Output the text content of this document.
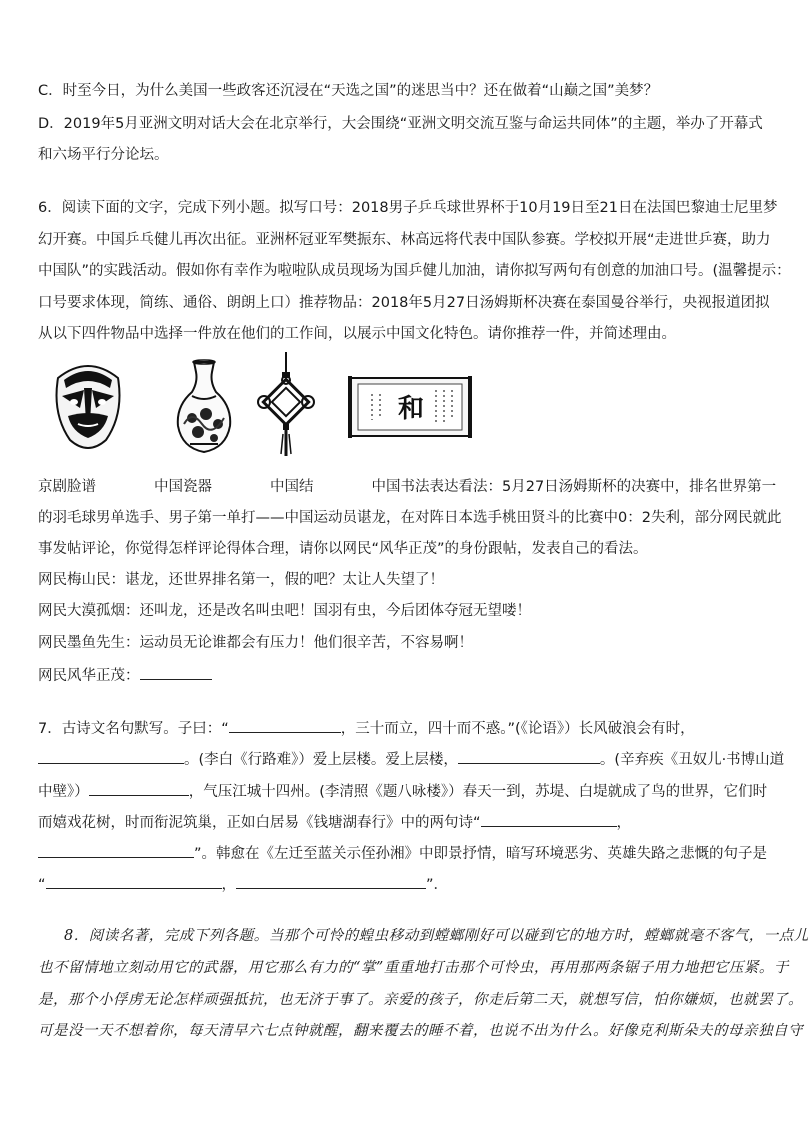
C．时至今日，为什么美国一些政客还沉浸在“天选之国”的迷思当中？还在做着“山巅之国”美梦？
D．2019年5月亚洲文明对话大会在北京举行，大会围绕“亚洲文明交流互鉴与命运共同体”的主题，举办了开幕式
和六场平行分论坛。
6．阅读下面的文字，完成下列小题。拟写口号：2018男子乒乓球世界杯于10月19日至21日在法国巴黎迪士尼里梦
幻开赛。中国乒乓健儿再次出征。亚洲杯冠亚军樊振东、林高远将代表中国队参赛。学校拟开展“走进世乒赛，助力
中国队”的实践活动。假如你有幸作为啦啦队成员现场为国乒健儿加油，请你拟写两句有创意的加油口号。(温馨提示：
口号要求体现，简练、通俗、朗朗上口）推荐物品：2018年5月27日汤姆斯杯决赛在泰国曼谷举行，央视报道团拟
从以下四件物品中选择一件放在他们的工作间，以展示中国文化特色。请你推荐一件，并简述理由。
和
京剧脸谱　　　　中国瓷器　　　　中国结　　　　中国书法表达看法：5月27日汤姆斯杯的决赛中，排名世界第一
的羽毛球男单选手、男子第一单打——中国运动员谌龙，在对阵日本选手桃田贤斗的比赛中0：2失利，部分网民就此
事发帖评论，你觉得怎样评论得体合理，请你以网民“风华正茂”的身份跟帖，发表自己的看法。
网民梅山民：谌龙，还世界排名第一，假的吧？太让人失望了！
网民大漠孤烟：还叫龙，还是改名叫虫吧！国羽有虫，今后团体夺冠无望喽！
网民墨鱼先生：运动员无论谁都会有压力！他们很辛苦，不容易啊！
网民风华正茂：
7．古诗文名句默写。子曰：“	，三十而立，四十而不惑。”(《论语》）长风破浪会有时，
。(李白《行路难》）爱上层楼。爱上层楼，	。(辛弃疾《丑奴儿·书博山道
中壁》）	，气压江城十四州。(李清照《题八咏楼》）春天一到，苏堤、白堤就成了鸟的世界，它们时
而嬉戏花树，时而衔泥筑巢，正如白居易《钱塘湖春行》中的两句诗“	，
”。韩愈在《左迁至蓝关示侄孙湘》中即景抒情，暗写环境恶劣、英雄失路之悲慨的句子是
“	，	”．
8．阅读名著，完成下列各题。当那个可怜的蝗虫移动到螳螂刚好可以碰到它的地方时，螳螂就毫不客气，一点儿
也不留情地立刻动用它的武器，用它那么有力的“掌”重重地打击那个可怜虫，再用那两条锯子用力地把它压紧。于
是，那个小俘虏无论怎样顽强抵抗，也无济于事了。亲爱的孩子，你走后第二天，就想写信，怕你嫌烦，也就罢了。
可是没一天不想着你，每天清早六七点钟就醒，翻来覆去的睡不着，也说不出为什么。好像克利斯朵夫的母亲独自守
